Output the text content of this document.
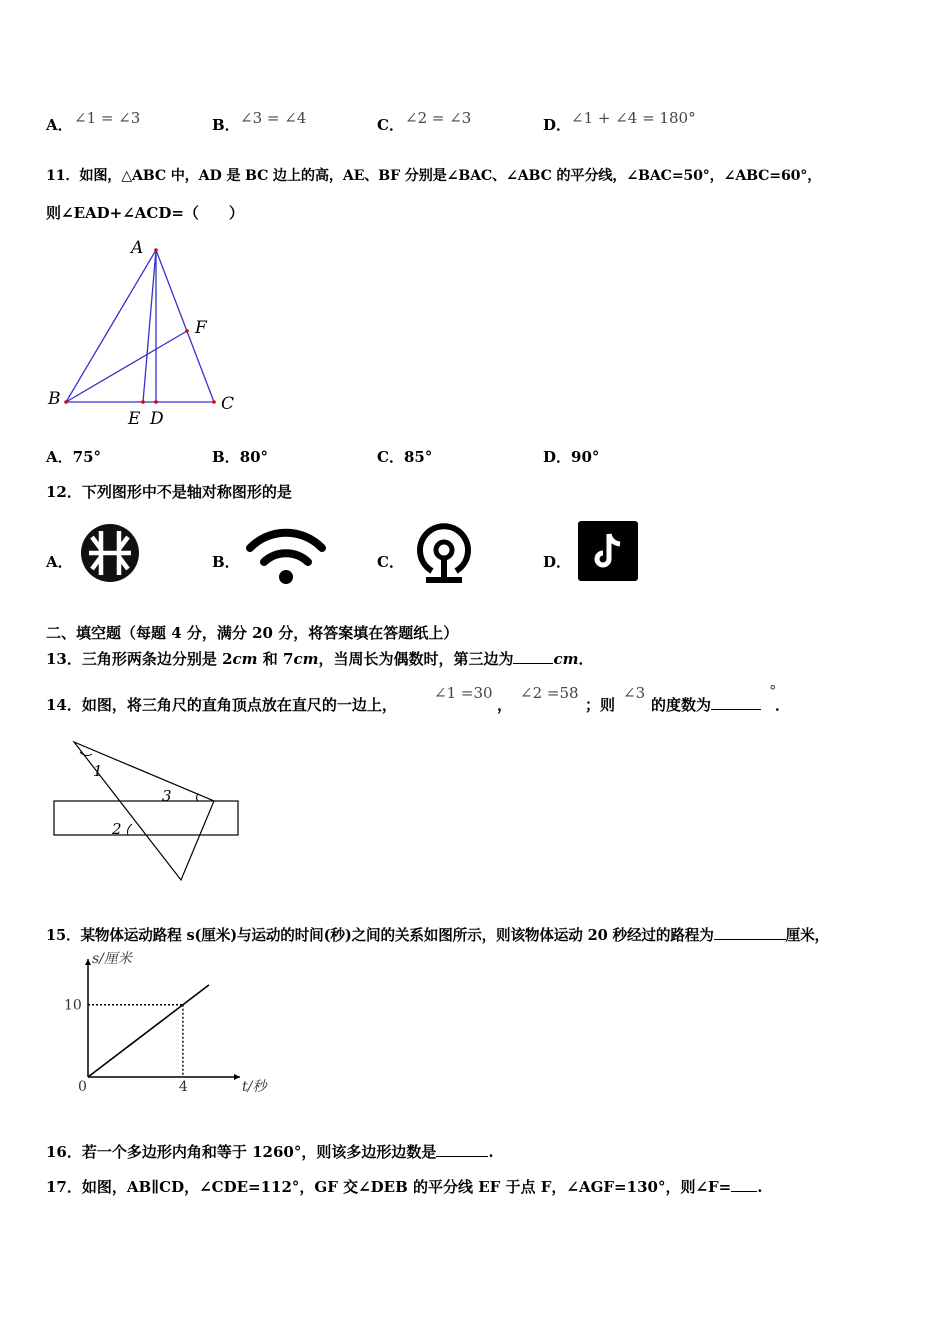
A． ∠1 = ∠3	B． ∠3 = ∠4	C． ∠2 = ∠3	D． ∠1 + ∠4 = 180°
11．如图，△ABC 中，AD 是 BC 边上的高，AE、BF 分别是∠BAC、∠ABC 的平分线，∠BAC=50°，∠ABC=60°，
则∠EAD+∠ACD=（　　）
A
B	C
E D
F
A．75°	B．80°	C．85°	D．90°
12．下列图形中不是轴对称图形的是
A．	B．	C．	D．
二、填空题（每题 4 分，满分 20 分，将答案填在答题纸上）
13．三角形两条边分别是 2cm 和 7cm，当周长为偶数时，第三边为	cm．
14．如图，将三角尺的直角顶点放在直尺的一边上，
∠1 =30
，
∠2 =58
；则
∠3
的度数为
°
．
1
2
3
15．某物体运动路程 s(厘米)与运动的时间(秒)之间的关系如图所示，则该物体运动 20 秒经过的路程为	厘米，
t/秒
s/厘米
0	4
10
16．若一个多边形内角和等于 1260°，则该多边形边数是	.
17．如图，AB∥CD，∠CDE=112°，GF 交∠DEB 的平分线 EF 于点 F，∠AGF=130°，则∠F= .
